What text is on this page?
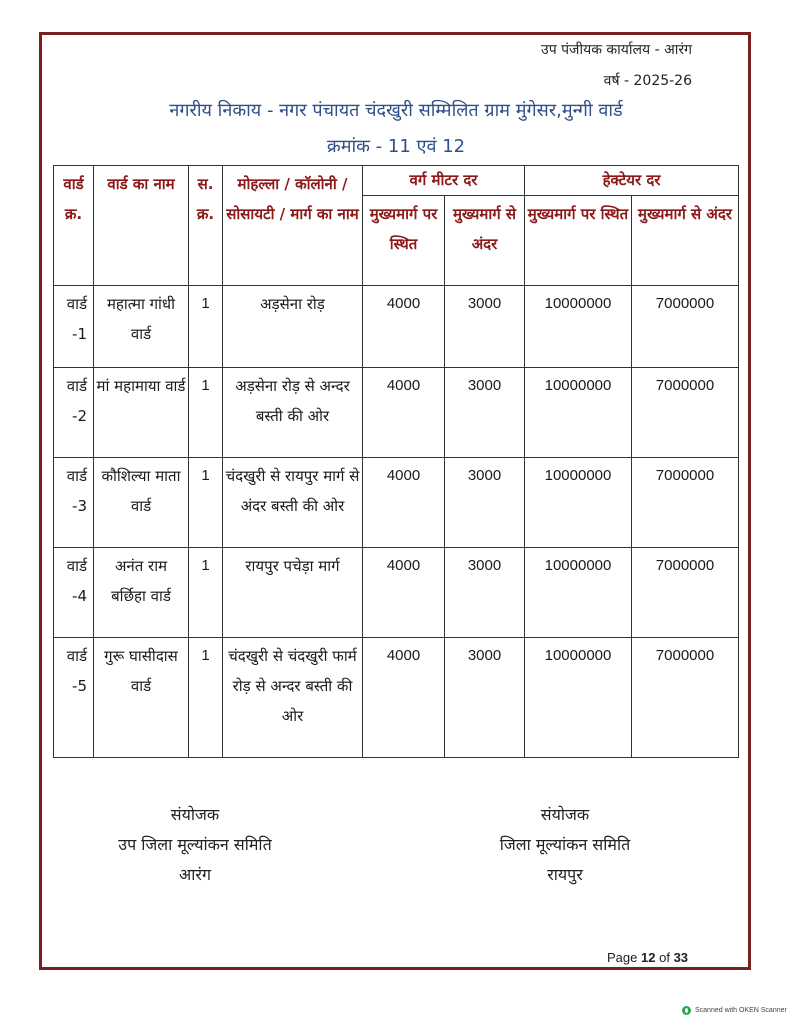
उप पंजीयक कार्यालय - आरंग
वर्ष - 2025-26
नगरीय निकाय - नगर पंचायत चंदखुरी सम्मिलित ग्राम मुंगेसर,मुन्गी वार्ड
क्रमांक - 11 एवं 12
वार्ड क्र.	वार्ड का नाम	स. क्र.	मोहल्ला / कॉलोनी / सोसायटी / मार्ग का नाम	वर्ग मीटर दर		हेक्टेयर दर	
				मुख्यमार्ग पर स्थित	मुख्यमार्ग से अंदर	मुख्यमार्ग पर स्थित	मुख्यमार्ग से अंदर
वार्ड -1	महात्मा गांधी वार्ड	1	अड़सेना रोड़	4000	3000	10000000	7000000
वार्ड -2	मां महामाया वार्ड	1	अड़सेना रोड़ से अन्दर बस्ती की ओर	4000	3000	10000000	7000000
वार्ड -3	कौशिल्या माता वार्ड	1	चंदखुरी से रायपुर मार्ग से अंदर बस्ती की ओर	4000	3000	10000000	7000000
वार्ड -4	अनंत राम बर्छिहा वार्ड	1	रायपुर पचेड़ा मार्ग	4000	3000	10000000	7000000
वार्ड -5	गुरू घासीदास वार्ड	1	चंदखुरी से चंदखुरी फार्म रोड़ से अन्दर बस्ती की ओर	4000	3000	10000000	7000000
संयोजक
उप जिला मूल्यांकन समिति
आरंग
संयोजक
जिला मूल्यांकन समिति
रायपुर
Page 12 of 33
Scanned with OKEN Scanner
